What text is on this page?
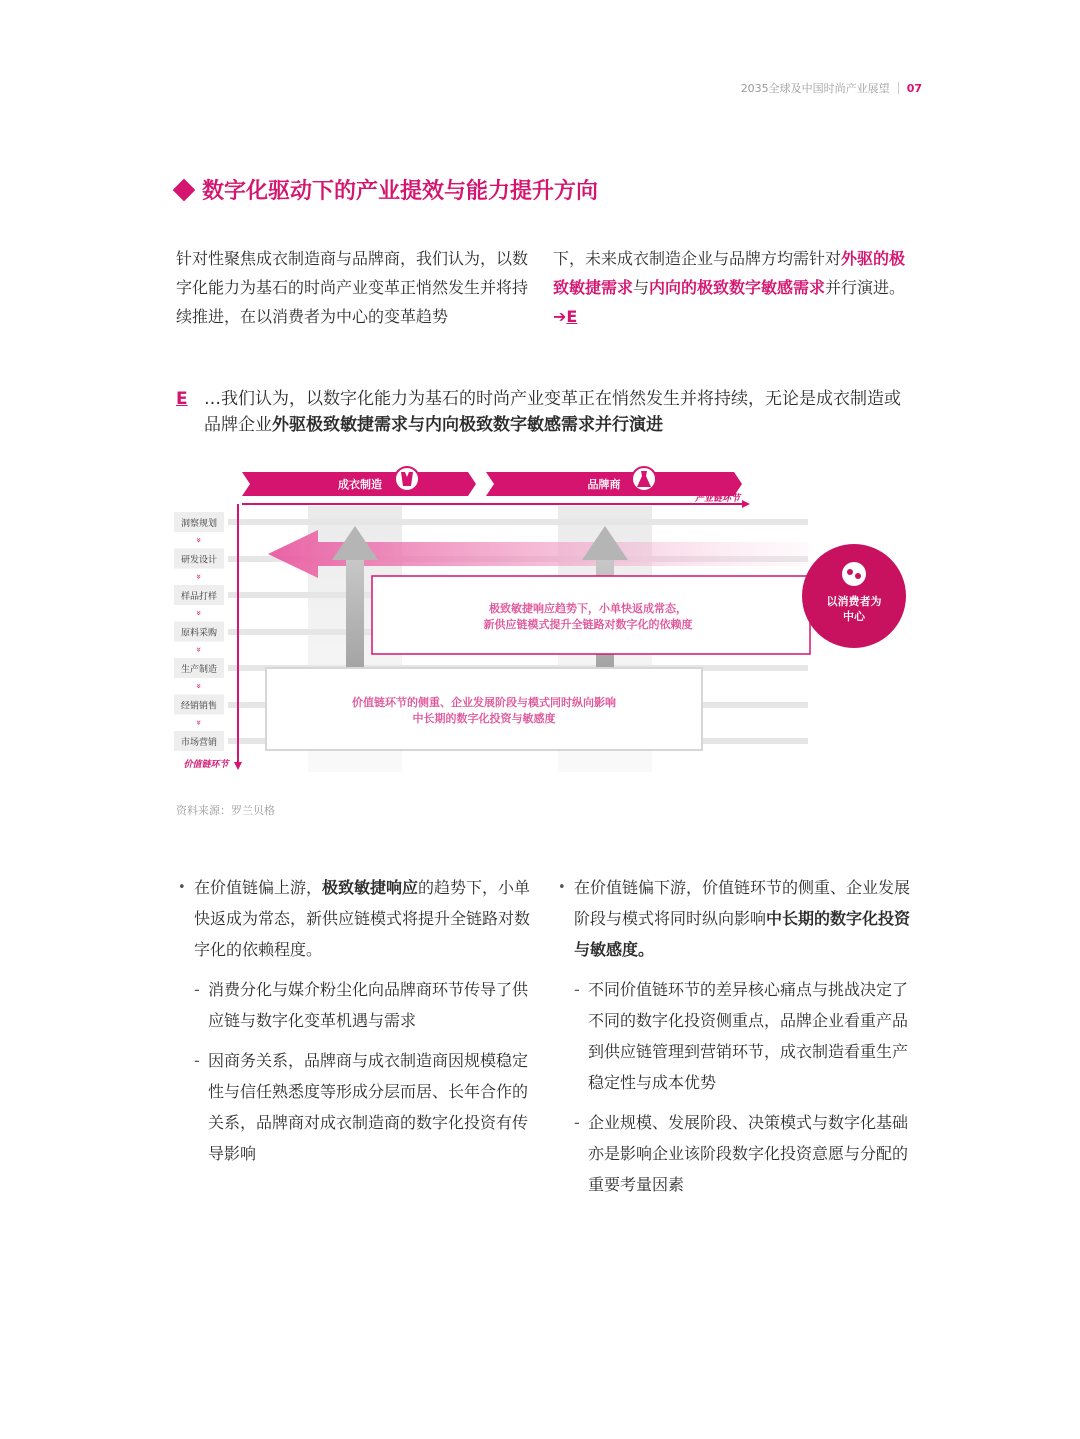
2035全球及中国时尚产业展望 07
数字化驱动下的产业提效与能力提升方向
针对性聚焦成衣制造商与品牌商，我们认为，以数字化能力为基石的时尚产业变革正悄然发生并将持续推进，在以消费者为中心的变革趋势
下，未来成衣制造企业与品牌方均需针对外驱的极致敏捷需求与内向的极致数字敏感需求并行演进。➔E
E …我们认为，以数字化能力为基石的时尚产业变革正在悄然发生并将持续，无论是成衣制造或品牌企业外驱极致敏捷需求与内向极致数字敏感需求并行演进
成衣制造	品牌商
产业链环节
价值链环节
价值链环节的侧重、企业发展阶段与模式同时纵向影响
中长期的数字化投资与敏感度
极致敏捷响应趋势下，小单快返成常态，
新供应链模式提升全链路对数字化的依赖度
以消费者为
中心
洞察规划
»
研发设计
»
样品打样
»
原料采购
»
生产制造
»
经销销售
»
市场营销
资料来源：罗兰贝格
• 在价值链偏上游，极致敏捷响应的趋势下，小单快返成为常态，新供应链模式将提升全链路对数字化的依赖程度。
- 消费分化与媒介粉尘化向品牌商环节传导了供应链与数字化变革机遇与需求
- 因商务关系，品牌商与成衣制造商因规模稳定性与信任熟悉度等形成分层而居、长年合作的关系，品牌商对成衣制造商的数字化投资有传导影响
• 在价值链偏下游，价值链环节的侧重、企业发展阶段与模式将同时纵向影响中长期的数字化投资与敏感度。
- 不同价值链环节的差异核心痛点与挑战决定了不同的数字化投资侧重点，品牌企业看重产品到供应链管理到营销环节，成衣制造看重生产稳定性与成本优势
- 企业规模、发展阶段、决策模式与数字化基础亦是影响企业该阶段数字化投资意愿与分配的重要考量因素
